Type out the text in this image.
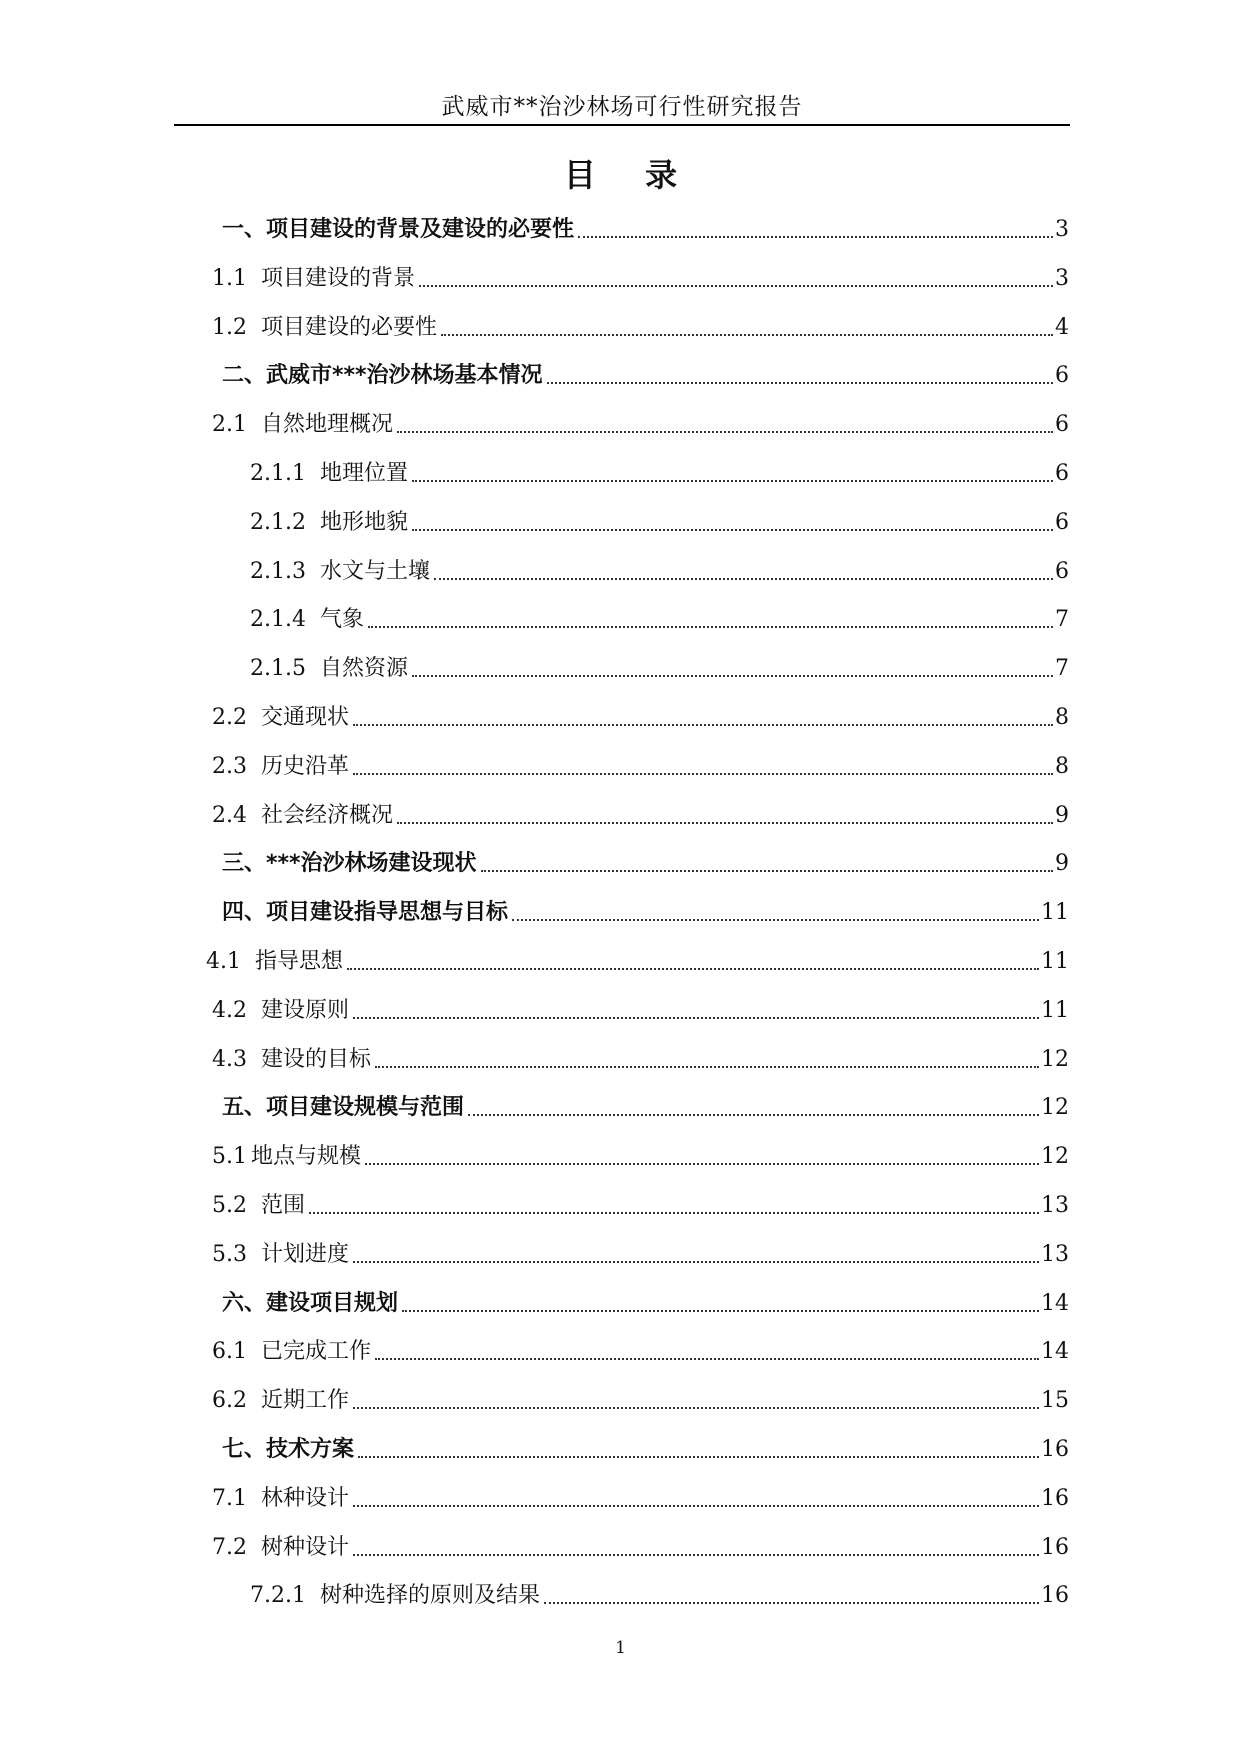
武威市**治沙林场可行性研究报告
目 录
一、项目建设的背景及建设的必要性	3
1.1 项目建设的背景	3
1.2 项目建设的必要性	4
二、武威市***治沙林场基本情况	6
2.1 自然地理概况	6
2.1.1 地理位置	6
2.1.2 地形地貌	6
2.1.3 水文与土壤	6
2.1.4 气象	7
2.1.5 自然资源	7
2.2 交通现状	8
2.3 历史沿革	8
2.4 社会经济概况	9
三、***治沙林场建设现状	9
四、项目建设指导思想与目标	11
4.1 指导思想	11
4.2 建设原则	11
4.3 建设的目标	12
五、项目建设规模与范围	12
5.1 地点与规模	12
5.2 范围	13
5.3 计划进度	13
六、建设项目规划	14
6.1 已完成工作	14
6.2 近期工作	15
七、技术方案	16
7.1 林种设计	16
7.2 树种设计	16
7.2.1 树种选择的原则及结果	16
1
